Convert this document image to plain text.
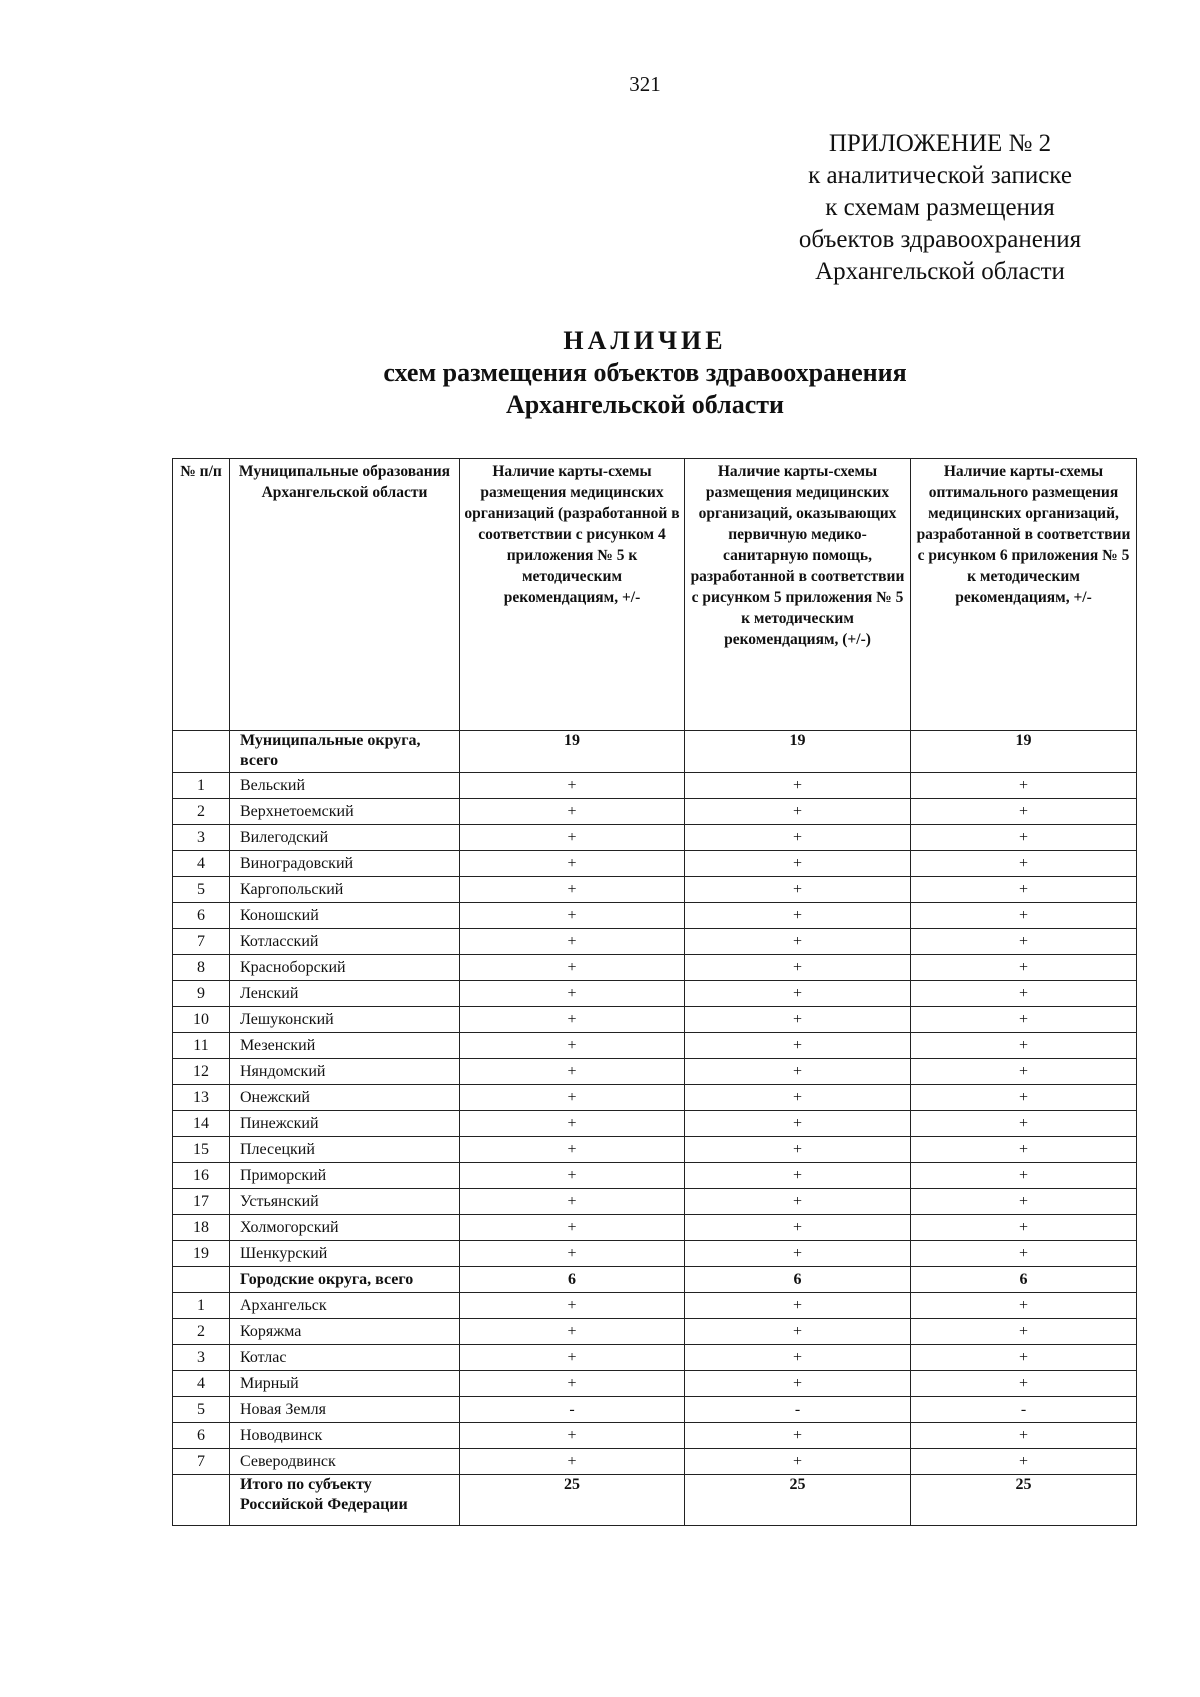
321
ПРИЛОЖЕНИЕ № 2
к аналитической записке
к схемам размещения
объектов здравоохранения
Архангельской области
НАЛИЧИЕ
схем размещения объектов здравоохранения
Архангельской области
№ п/п	Муниципальные образования Архангельской области	Наличие карты-схемы размещения медицинских организаций (разработанной в соответствии с рисунком 4 приложения № 5 к методическим рекомендациям, +/-	Наличие карты-схемы размещения медицинских организаций, оказывающих первичную медико-санитарную помощь, разработанной в соответствии с рисунком 5 приложения № 5 к методическим рекомендациям, (+/-)	Наличие карты-схемы оптимального размещения медицинских организаций, разработанной в соответствии с рисунком 6 приложения № 5 к методическим рекомендациям, +/-
	Муниципальные округа, всего	19	19	19
1	Вельский	+	+	+
2	Верхнетоемский	+	+	+
3	Вилегодский	+	+	+
4	Виноградовский	+	+	+
5	Каргопольский	+	+	+
6	Коношский	+	+	+
7	Котласский	+	+	+
8	Красноборский	+	+	+
9	Ленский	+	+	+
10	Лешуконский	+	+	+
11	Мезенский	+	+	+
12	Няндомский	+	+	+
13	Онежский	+	+	+
14	Пинежский	+	+	+
15	Плесецкий	+	+	+
16	Приморский	+	+	+
17	Устьянский	+	+	+
18	Холмогорский	+	+	+
19	Шенкурский	+	+	+
	Городские округа, всего	6	6	6
1	Архангельск	+	+	+
2	Коряжма	+	+	+
3	Котлас	+	+	+
4	Мирный	+	+	+
5	Новая Земля	-	-	-
6	Новодвинск	+	+	+
7	Северодвинск	+	+	+
	Итого по субъекту Российской Федерации	25	25	25
